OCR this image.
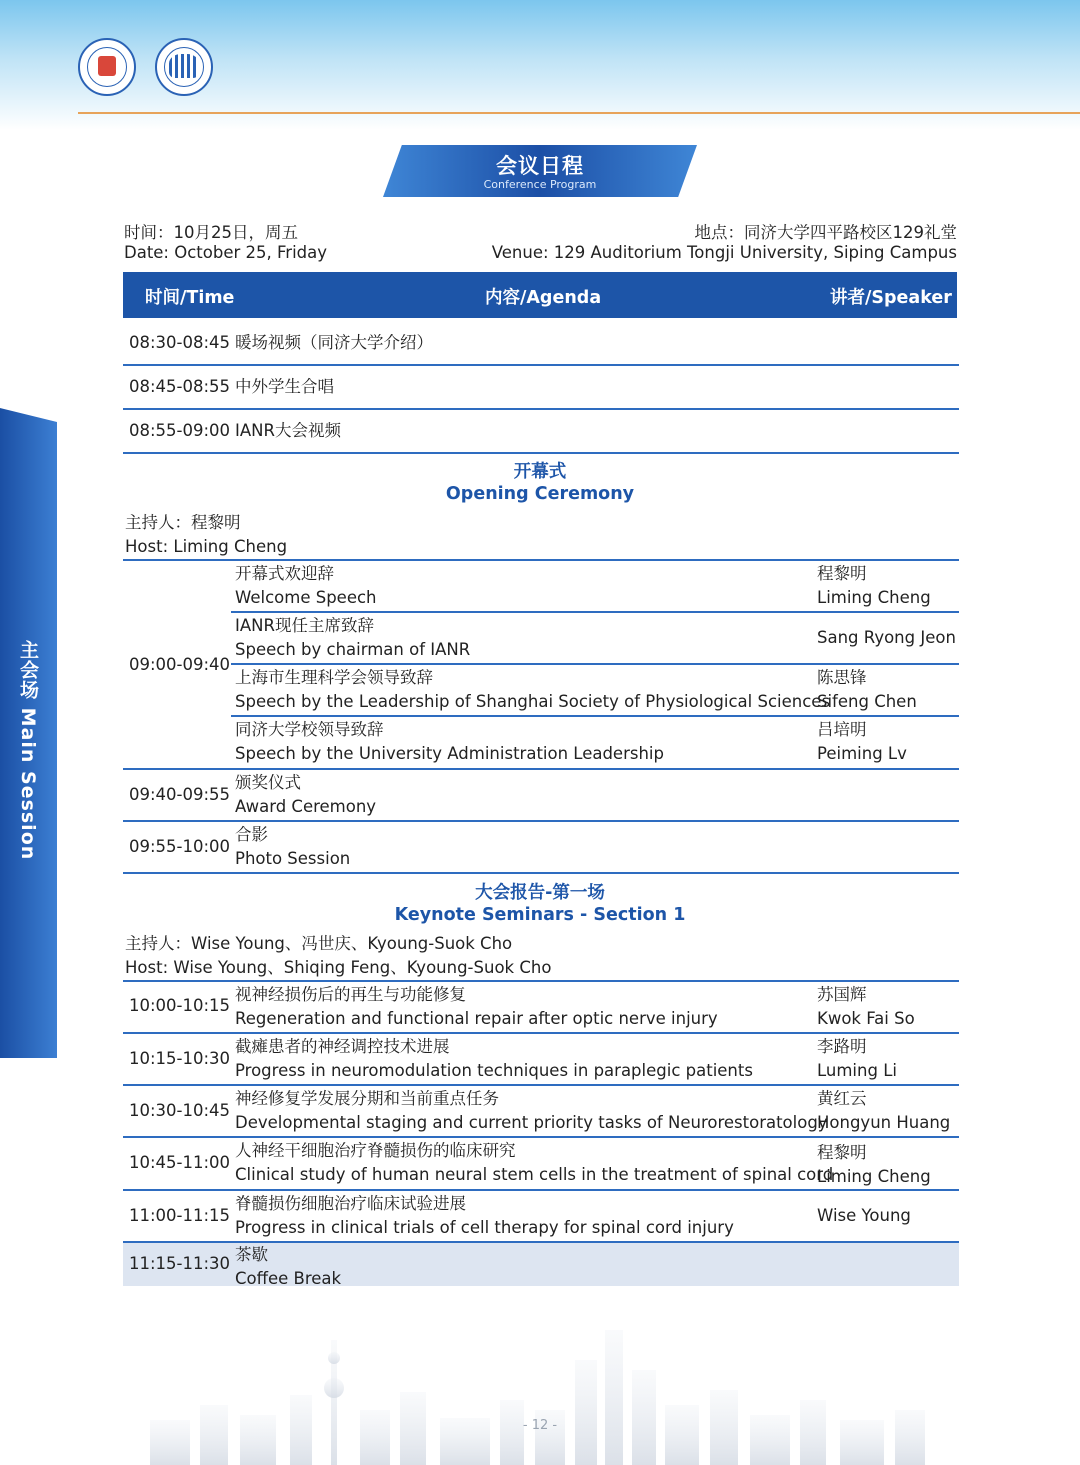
会议日程
Conference Program
时间：10月25日，周五
Date: October 25, Friday
地点：同济大学四平路校区129礼堂
Venue: 129 Auditorium Tongji University, Siping Campus
主会场 Main Session
时间/Time	内容/Agenda	讲者/Speaker
08:30-08:45 暖场视频（同济大学介绍）
08:45-08:55 中外学生合唱
08:55-09:00 IANR大会视频
开幕式
Opening Ceremony
主持人：程黎明
Host: Liming Cheng
09:00-09:40
开幕式欢迎辞
Welcome Speech
程黎明
Liming Cheng
IANR现任主席致辞
Speech by chairman of IANR
Sang Ryong Jeon
上海市生理科学会领导致辞
Speech by the Leadership of Shanghai Society of Physiological Sciences
陈思锋
Sifeng Chen
同济大学校领导致辞
Speech by the University Administration Leadership
吕培明
Peiming Lv
09:40-09:55
颁奖仪式
Award Ceremony
09:55-10:00
合影
Photo Session
大会报告-第一场
Keynote Seminars - Section 1
主持人：Wise Young、冯世庆、Kyoung-Suok Cho
Host: Wise Young、Shiqing Feng、Kyoung-Suok Cho
10:00-10:15
视神经损伤后的再生与功能修复
Regeneration and functional repair after optic nerve injury
苏国辉
Kwok Fai So
10:15-10:30
截瘫患者的神经调控技术进展
Progress in neuromodulation techniques in paraplegic patients
李路明
Luming Li
10:30-10:45
神经修复学发展分期和当前重点任务
Developmental staging and current priority tasks of Neurorestoratology
黄红云
Hongyun Huang
10:45-11:00
人神经干细胞治疗脊髓损伤的临床研究
Clinical study of human neural stem cells in the treatment of spinal cord
程黎明
Liming Cheng
11:00-11:15
脊髓损伤细胞治疗临床试验进展
Progress in clinical trials of cell therapy for spinal cord injury
Wise Young
11:15-11:30 茶歇
Coffee Break
- 12 -
